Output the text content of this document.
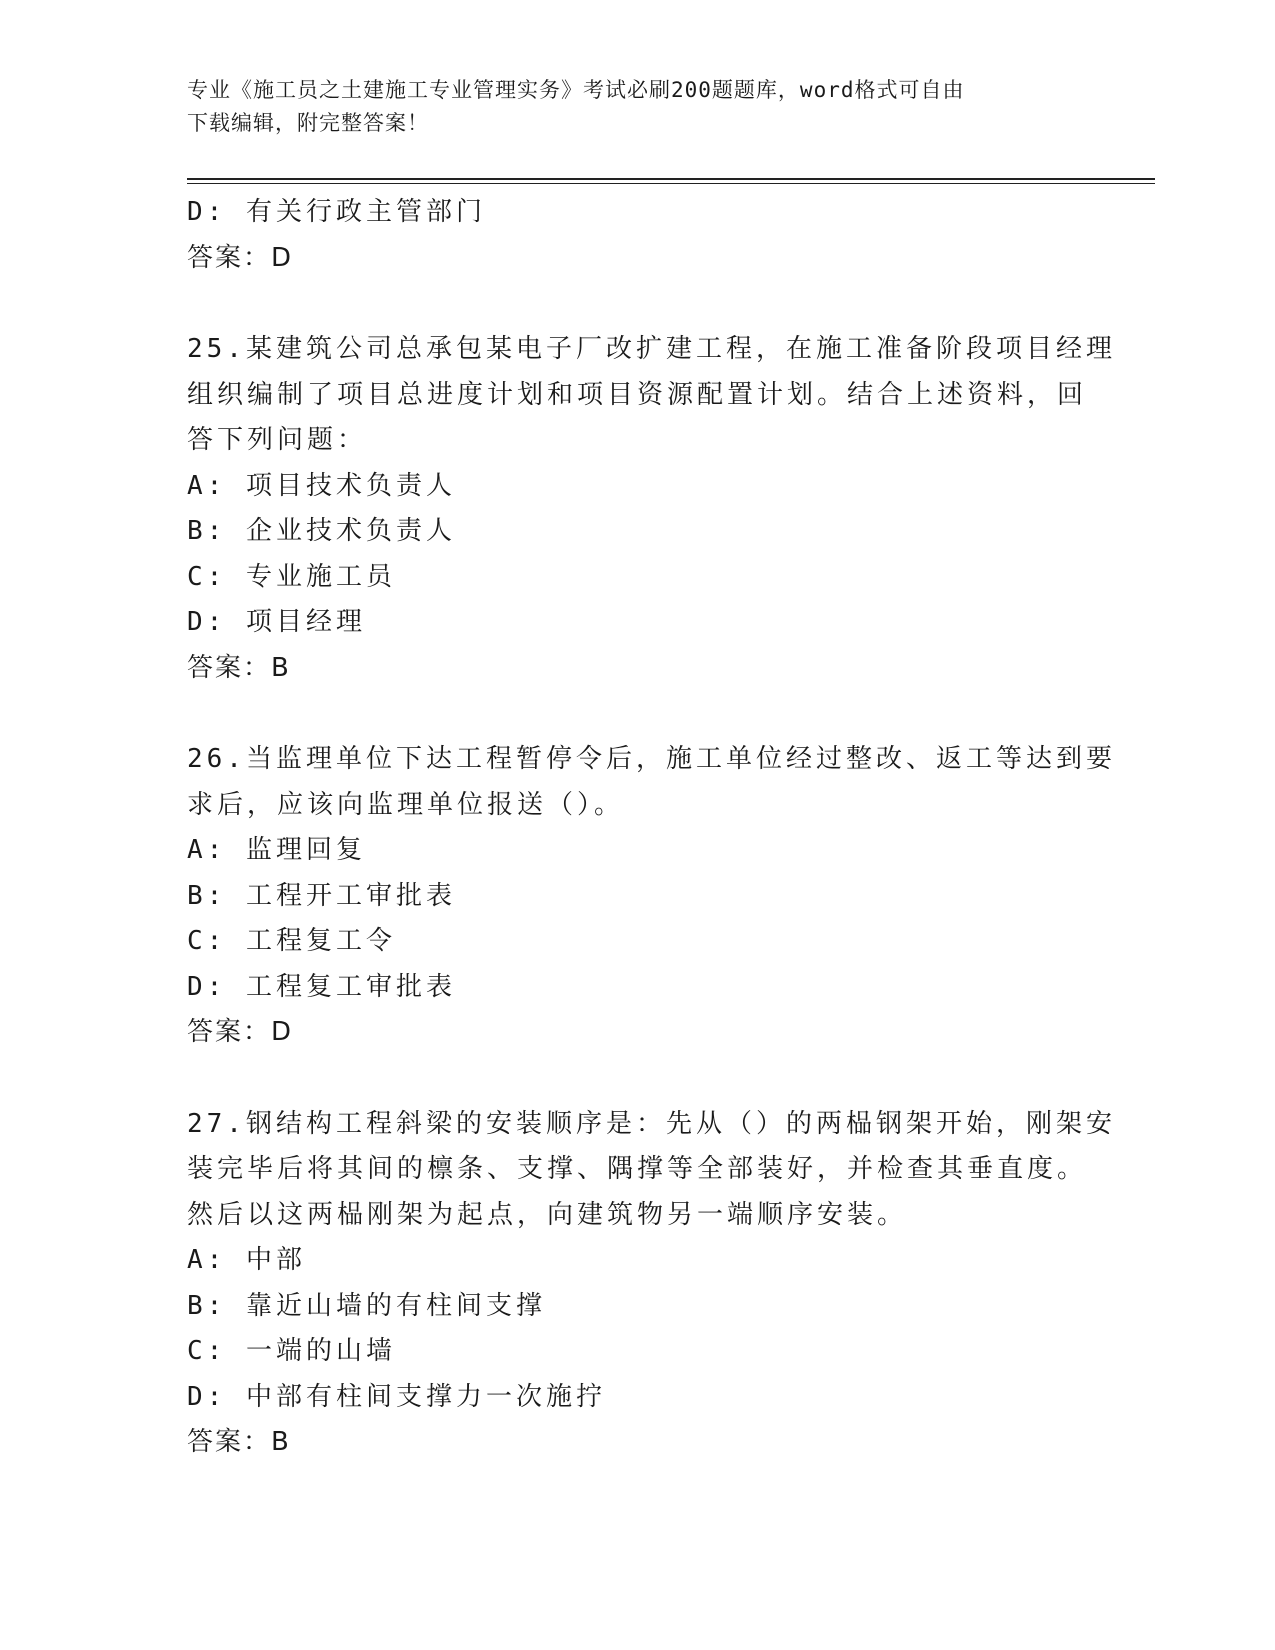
专业《施工员之土建施工专业管理实务》考试必刷200题题库，word格式可自由
下载编辑，附完整答案！
D: 有关行政主管部门
答案：D
25.某建筑公司总承包某电子厂改扩建工程，在施工准备阶段项目经理
组织编制了项目总进度计划和项目资源配置计划。结合上述资料，回
答下列问题：
A: 项目技术负责人
B: 企业技术负责人
C: 专业施工员
D: 项目经理
答案：B
26.当监理单位下达工程暂停令后，施工单位经过整改、返工等达到要
求后，应该向监理单位报送（）。
A: 监理回复
B: 工程开工审批表
C: 工程复工令
D: 工程复工审批表
答案：D
27.钢结构工程斜梁的安装顺序是：先从（）的两榀钢架开始，刚架安
装完毕后将其间的檩条、支撑、隅撑等全部装好，并检查其垂直度。
然后以这两榀刚架为起点，向建筑物另一端顺序安装。
A: 中部
B: 靠近山墙的有柱间支撑
C: 一端的山墙
D: 中部有柱间支撑力一次施拧
答案：B
